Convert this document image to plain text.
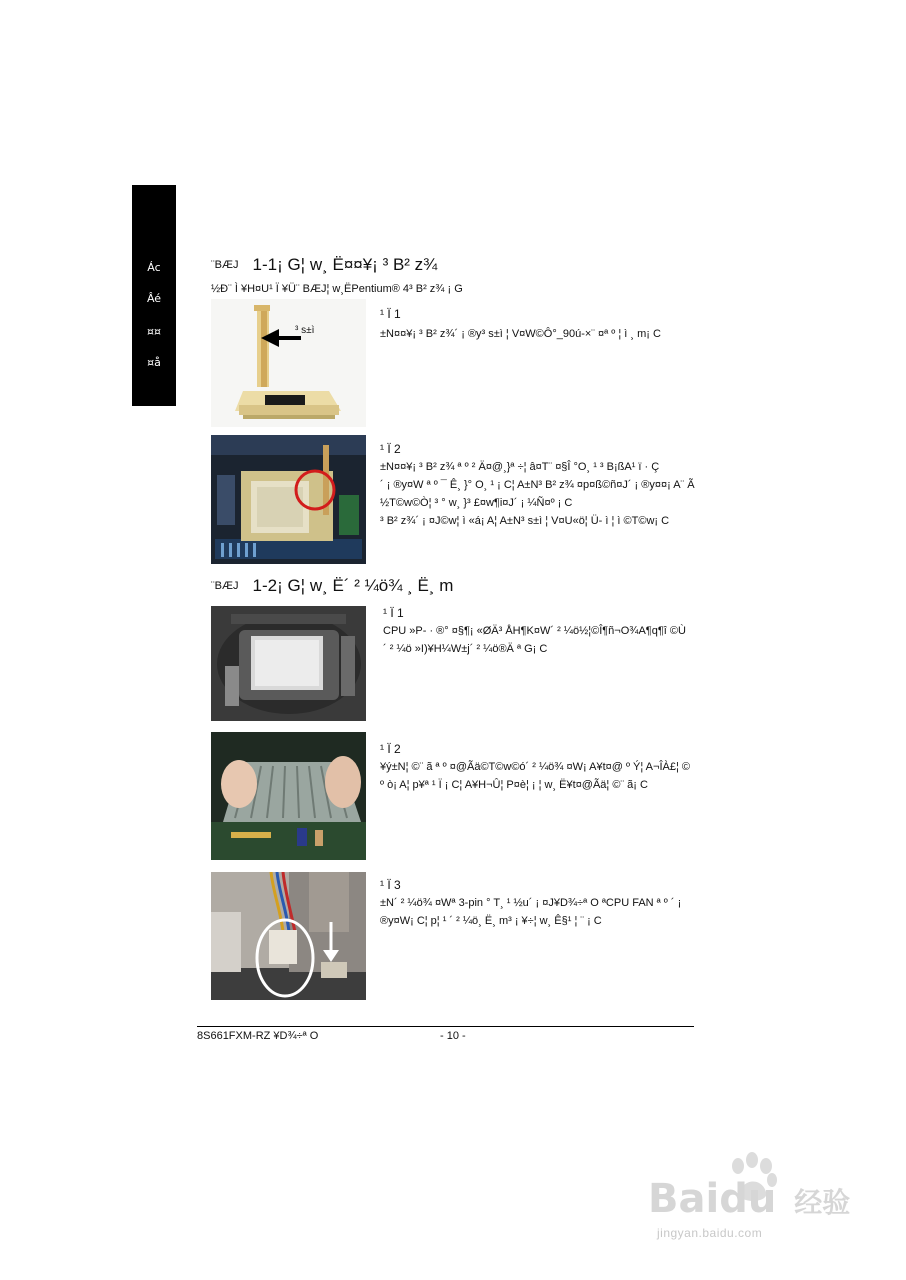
Ác
Âé
¤¤
¤å
¨BÆJ 1-1¡ G¦ w¸ Ë¤¤¥¡ ³ B² z¾
½Ð¨ Ì ¥H¤U¹ Ï ¥Ü¨ BÆJ¦ w¸ËPentium® 4³ B² z¾ ¡ G
³ s±ì
¹ Ï 1
±N¤¤¥¡ ³ B² z¾´ ¡ ®y³ s±ì ¦ V¤W©Ô°_90ú-×¨ ¤ª º ¦ ì ¸ m¡ C
¹ Ï 2
±N¤¤¥¡ ³ B² z¾ ª º ² Ä¤@¸}ª ÷¦ â¤T¨ ¤§Î °O¸ ¹ ³ B¡ßA¹ ï · Ç
´ ¡ ®y¤W ª º ¯ Ê¸ }° O¸ ¹ ¡ C¦ A±N³ B² z¾ ¤p¤ß©ñ¤J´ ¡ ®y¤¤¡ A¨ Ã
½T©w©Ò¦ ³ ° w¸ }³ £¤w¶i¤J´ ¡ ¼Ñ¤º ¡ C
³ B² z¾´ ¡ ¤J©w¦ ì «á¡ A¦ A±N³ s±ì ¦ V¤U«ö¦ Ü- ì ¦ ì ©T©w¡ C
¨BÆJ 1-2¡ G¦ w¸ Ë´ ² ¼ö¾ ¸ Ë¸ m
¹ Ï 1
CPU »P- · ®° ¤§¶¡ «ØÄ³ ÅH¶K¤W´ ² ¼ö½¦©Î¶ñ¬O¾A¶q¶î ©Ù
´ ² ¼ö »I)¥H¼W±j´ ² ¼ö®Ä ª G¡ C
¹ Ï 2
¥ý±N¦ ©¨ ã ª º ¤@Ãä©T©w©ó´ ² ¼ö¾ ¤W¡ A¥t¤@ º Ý¦ A¬ÎÀ£¦ ©
º ò¡ A¦ p¥ª ¹ Ï ¡ C¦ A¥H¬Û¦ P¤è¦ ¡ ¦ w¸ Ë¥t¤@Ãä¦ ©¨ ã¡ C
¹ Ï 3
±N´ ² ¼ö¾ ¤Wª 3-pin ° T¸ ¹ ½u´ ¡ ¤J¥D¾÷ª O ªCPU FAN ª º ´ ¡
®y¤W¡ C¦ p¦ ¹ ´ ² ¼ö¸ Ë¸ m³ ¡ ¥÷¦ w¸ Ê§¹ ¦ ¨ ¡ C
8S661FXM-RZ ¥D¾÷ª O	- 10 -
Baidu 经验
jingyan.baidu.com
